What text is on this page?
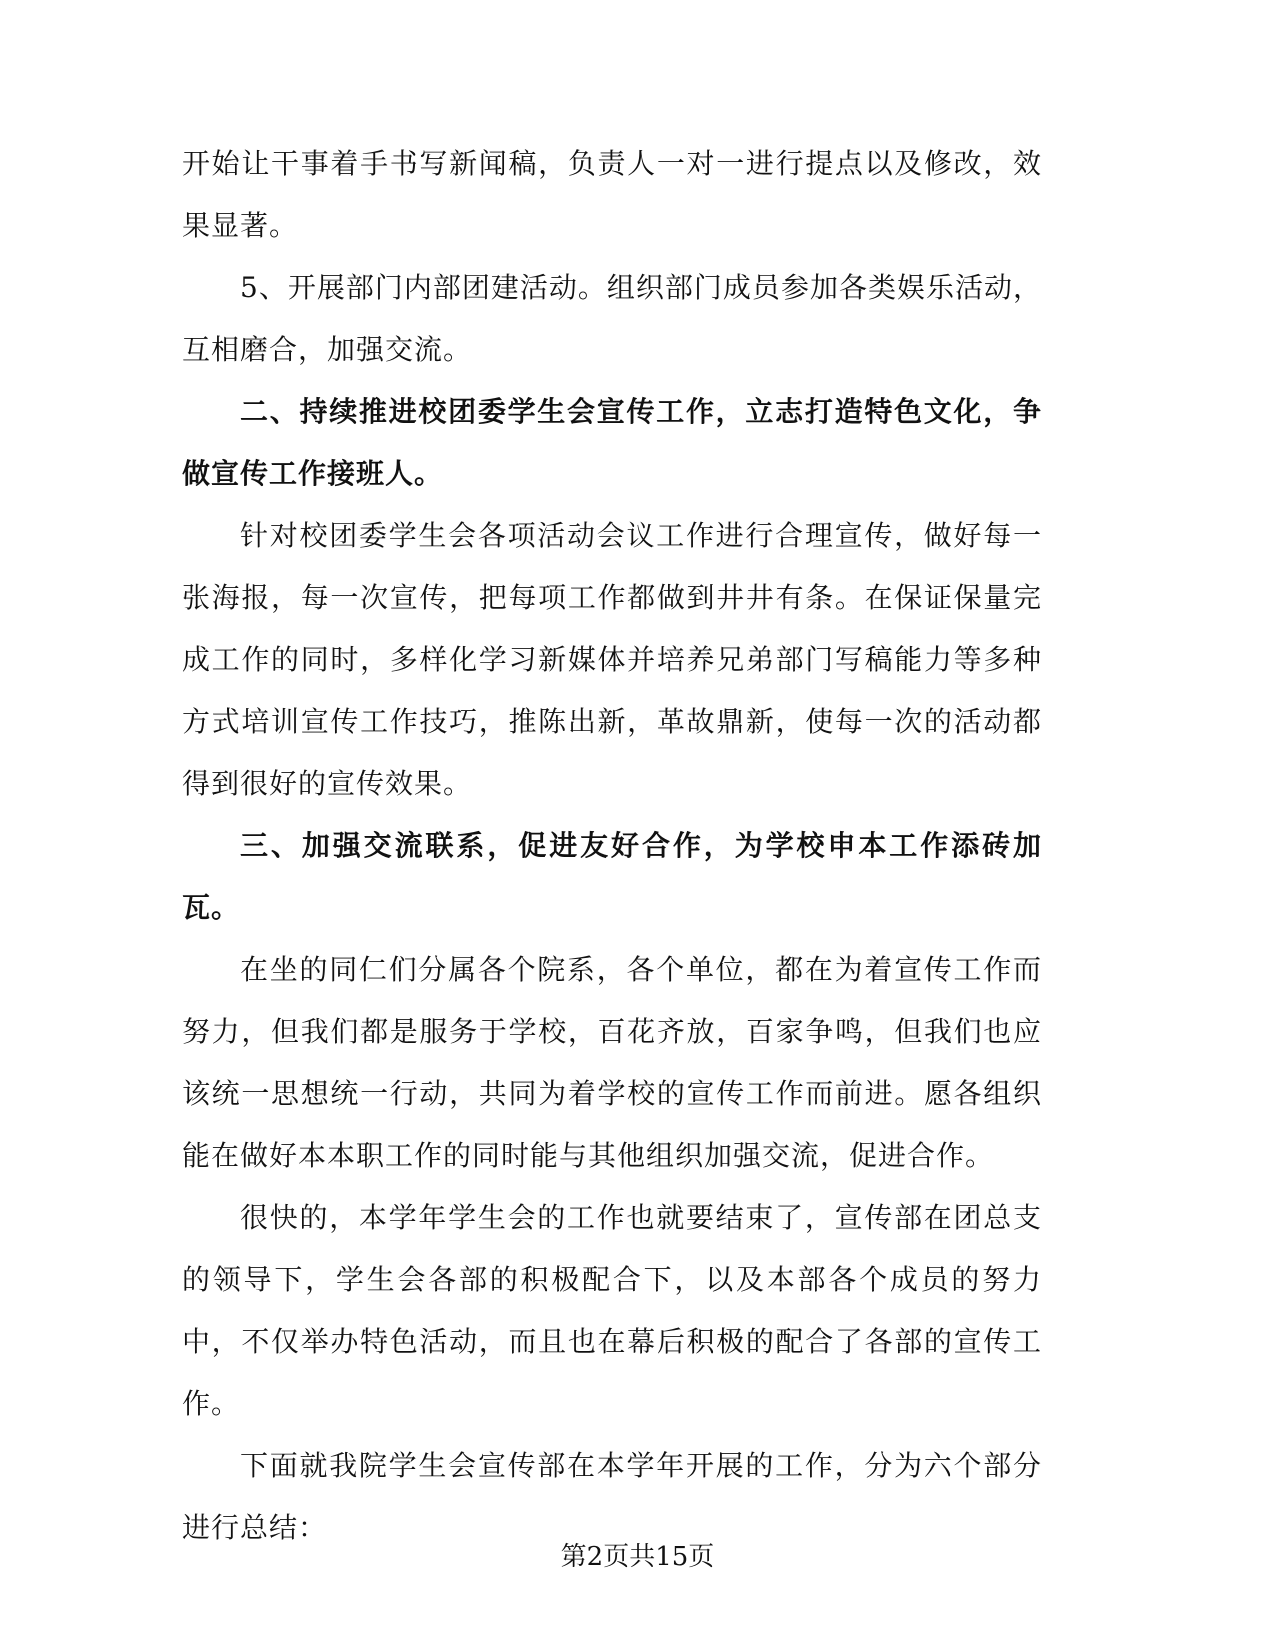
开始让干事着手书写新闻稿，负责人一对一进行提点以及修改，效果显著。

5、开展部门内部团建活动。组织部门成员参加各类娱乐活动，互相磨合，加强交流。

二、持续推进校团委学生会宣传工作，立志打造特色文化，争做宣传工作接班人。

针对校团委学生会各项活动会议工作进行合理宣传，做好每一张海报，每一次宣传，把每项工作都做到井井有条。在保证保量完成工作的同时，多样化学习新媒体并培养兄弟部门写稿能力等多种方式培训宣传工作技巧，推陈出新，革故鼎新，使每一次的活动都得到很好的宣传效果。

三、加强交流联系，促进友好合作，为学校申本工作添砖加瓦。

在坐的同仁们分属各个院系，各个单位，都在为着宣传工作而努力，但我们都是服务于学校，百花齐放，百家争鸣，但我们也应该统一思想统一行动，共同为着学校的宣传工作而前进。愿各组织能在做好本本职工作的同时能与其他组织加强交流，促进合作。

很快的，本学年学生会的工作也就要结束了，宣传部在团总支的领导下，学生会各部的积极配合下，以及本部各个成员的努力中，不仅举办特色活动，而且也在幕后积极的配合了各部的宣传工作。

下面就我院学生会宣传部在本学年开展的工作，分为六个部分进行总结：

第2页共15页
